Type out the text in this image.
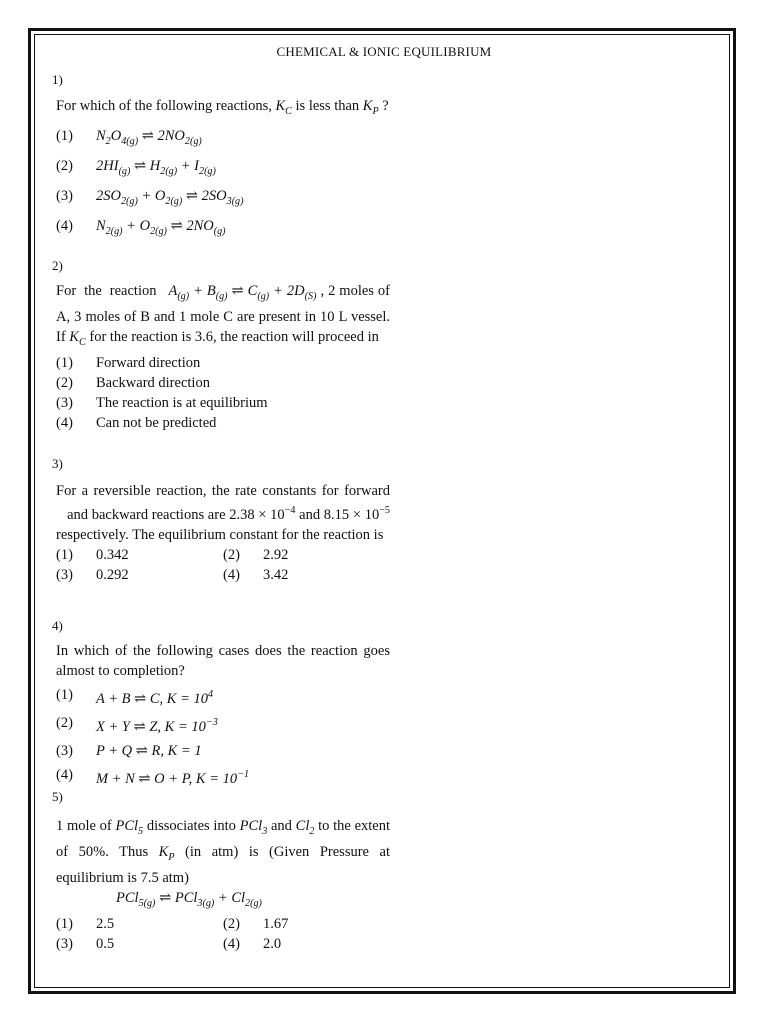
CHEMICAL & IONIC EQUILIBRIUM
1)
For which of the following reactions, $K_C$ is less than $K_P$ ?
(1)	$N_2O_{4(g)}$ ⇌ $2NO_{2(g)}$
(2)	$2HI_{(g)}$ ⇌ $H_{2(g)} + I_{2(g)}$
(3)	$2SO_{2(g)} + O_{2(g)}$ ⇌ $2SO_{3(g)}$
(4)	$N_{2(g)} + O_{2(g)}$ ⇌ $2NO_{(g)}$
2)
For  the  reaction   $A_{(g)} + B_{(g)}$ ⇌ $C_{(g)} + 2D_{(S)}$ , 2 moles of A, 3 moles of B and 1 mole C are present in 10 L vessel. If $K_C$ for the reaction is 3.6, the reaction will proceed in
(1)	Forward direction
(2)	Backward direction
(3)	The reaction is at equilibrium
(4)	Can not be predicted
3)
For a reversible reaction, the rate constants for forward    and backward reactions are $2.38 \times 10^{-4}$ and $8.15 \times 10^{-5}$ respectively. The equilibrium constant for the reaction is
(1)	0.342	(2)	2.92
(3)	0.292	(4)	3.42
4)
In which of the following cases does the reaction goes almost to completion?
(1)	A + B ⇌ C, $K = 10^4$
(2)	X + Y ⇌ Z, $K = 10^{-3}$
(3)	P + Q ⇌ R, K = 1
(4)	M + N ⇌ O + P, $K = 10^{-1}$
5)
1 mole of PCl$_5$ dissociates into PCl$_3$ and $Cl_2$ to the extent of 50%. Thus $K_P$ (in atm) is (Given Pressure at equilibrium is 7.5 atm)
PCl$_{5(g)}$ ⇌ $PCl_{3(g)} + Cl_{2(g)}$
(1)	2.5	(2)	1.67
(3)	0.5	(4)	2.0
